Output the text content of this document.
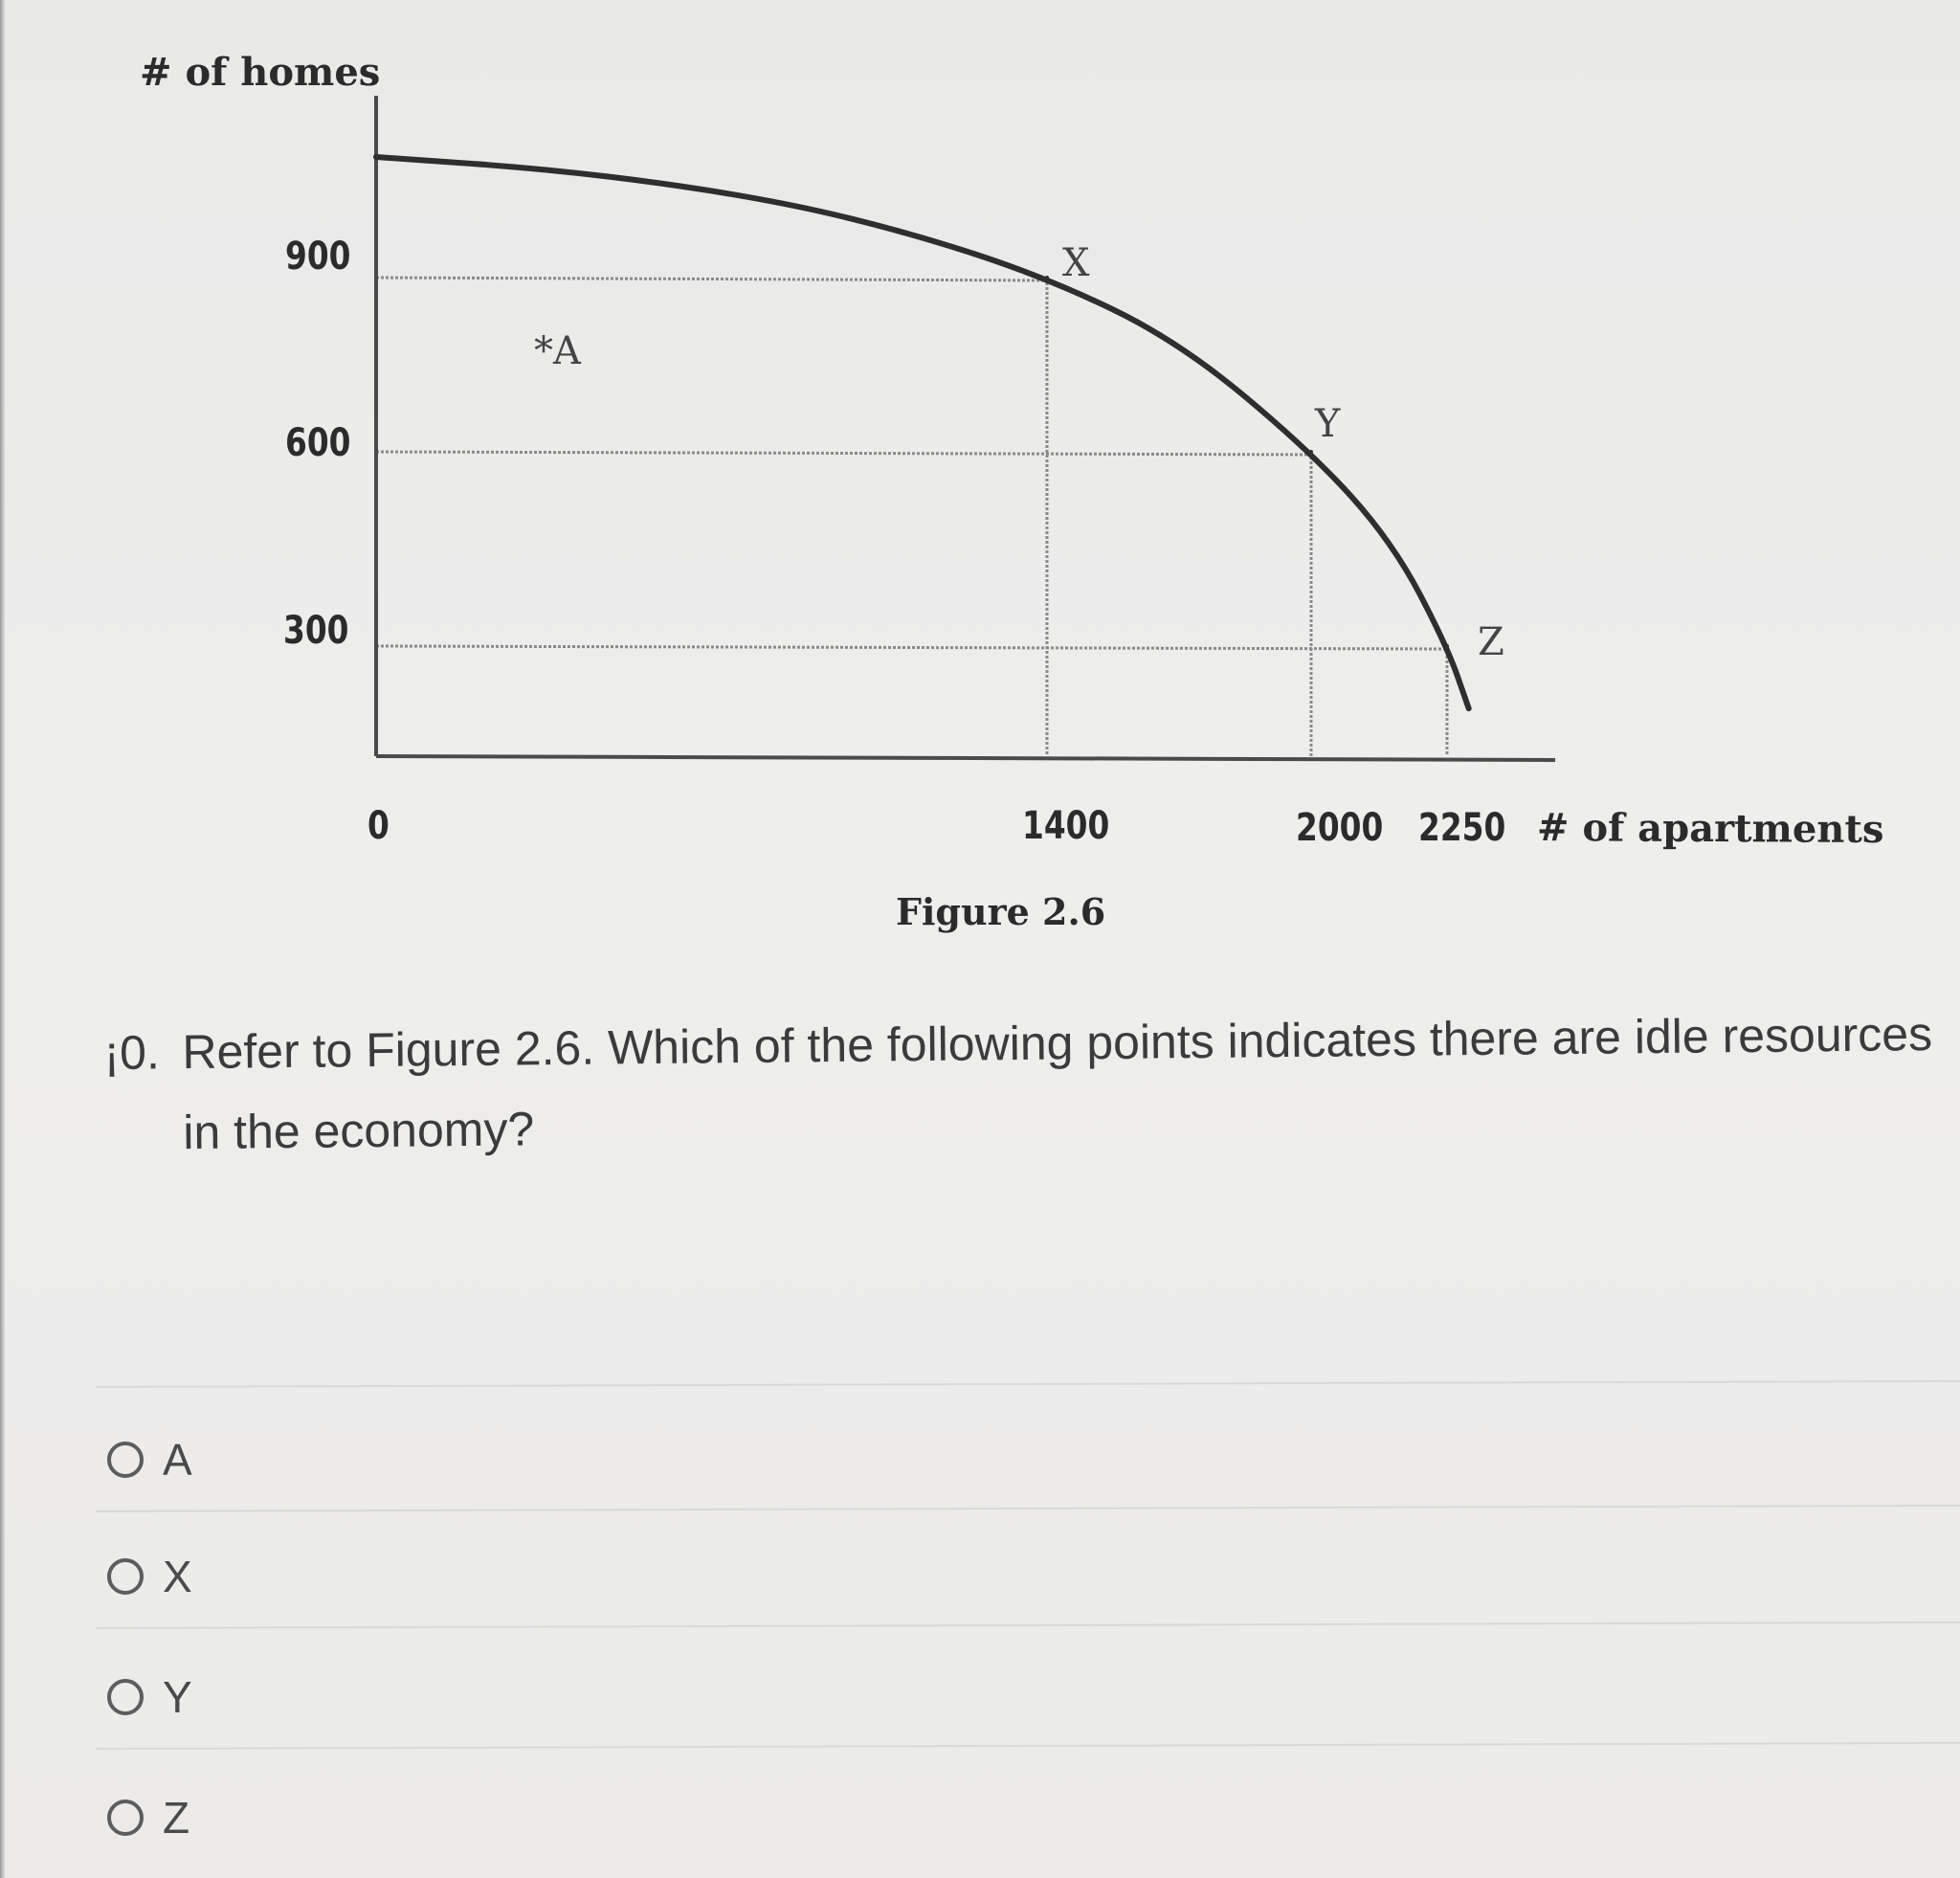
# of homes
900
600
300
0	1400	2000 2250 # of apartments
X
Y
Z
*A
Figure 2.6
¡0. Refer to Figure 2.6. Which of the following points indicates there are idle resources
in the economy?
A
X
Y
Z
